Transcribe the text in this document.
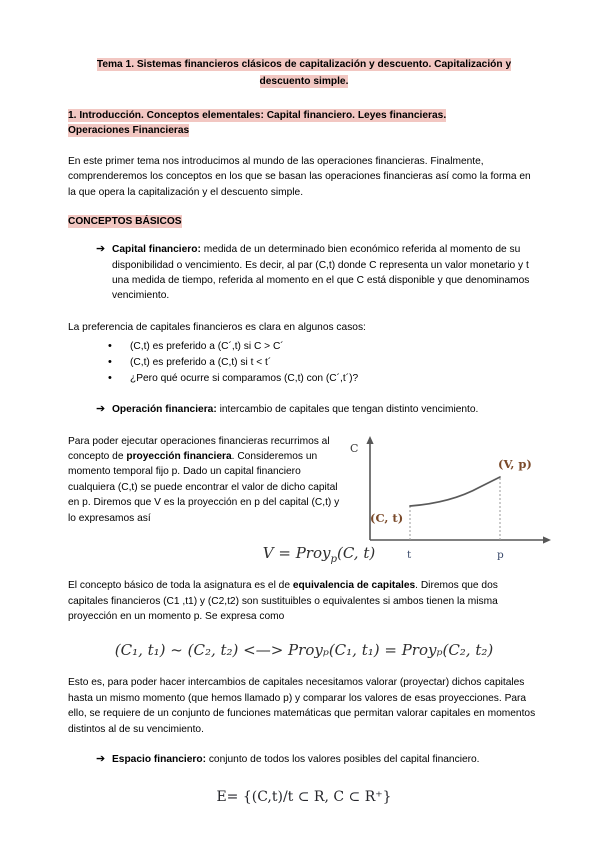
Tema 1. Sistemas financieros clásicos de capitalización y descuento. Capitalización y
descuento simple.
1. Introducción. Conceptos elementales: Capital financiero. Leyes financieras.
Operaciones Financieras

En este primer tema nos introducimos al mundo de las operaciones financieras. Finalmente, comprenderemos los conceptos en los que se basan las operaciones financieras así como la forma en la que opera la capitalización y el descuento simple.

CONCEPTOS BÁSICOS
➔ Capital financiero: medida de un determinado bien económico referida al momento de su disponibilidad o vencimiento. Es decir, al par (C,t) donde C representa un valor monetario y t una medida de tiempo, referida al momento en el que C está disponible y que denominamos vencimiento.

La preferencia de capitales financieros es clara en algunos casos:

• (C,t) es preferido a (C´,t) si C > C´
• (C,t) es preferido a (C,t) si t < t´
• ¿Pero qué ocurre si comparamos (C,t) con (C´,t´)?
➔ Operación financiera: intercambio de capitales que tengan distinto vencimiento.
Para poder ejecutar operaciones financieras recurrimos al concepto de proyección financiera. Consideremos un momento temporal fijo p. Dado un capital financiero cualquiera (C,t) se puede encontrar el valor de dicho capital en p. Diremos que V es la proyección en p del capital (C,t) y lo expresamos así
C
(C, t)
(V, p)
t	p
V = Proy$_p$(C, t)

El concepto básico de toda la asignatura es el de equivalencia de capitales. Diremos que dos capitales financieros (C1 ,t1) y (C2,t2) son sustituibles o equivalentes si ambos tienen la misma proyección en un momento p. Se expresa como

(C₁, t₁) ~ (C₂, t₂) <—> Proyₚ(C₁, t₁) = Proyₚ(C₂, t₂)

Esto es, para poder hacer intercambios de capitales necesitamos valorar (proyectar) dichos capitales hasta un mismo momento (que hemos llamado p) y comparar los valores de esas proyecciones. Para ello, se requiere de un conjunto de funciones matemáticas que permitan valorar capitales en momentos distintos al de su vencimiento.

➔ Espacio financiero: conjunto de todos los valores posibles del capital financiero.
E= {(C,t)/t ⊂ R, C ⊂ R⁺}
